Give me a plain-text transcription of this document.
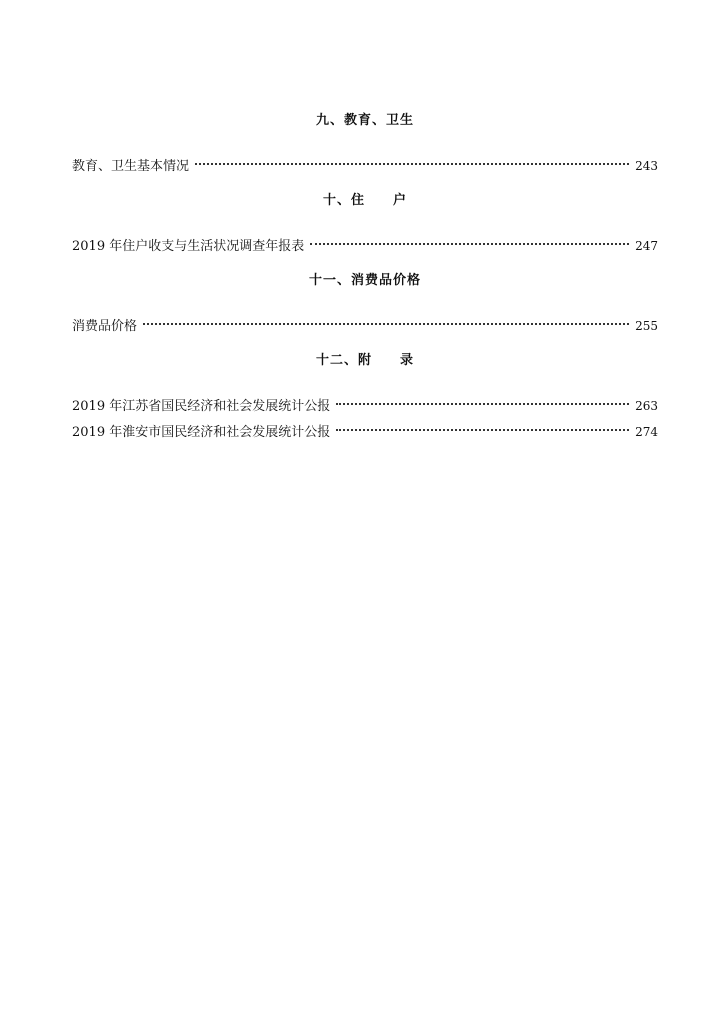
九、教育、卫生
教育、卫生基本情况	243
十、住　　户
2019 年住户收支与生活状况调查年报表	247
十一、消费品价格
消费品价格	255
十二、附　　录
2019 年江苏省国民经济和社会发展统计公报	263
2019 年淮安市国民经济和社会发展统计公报	274
